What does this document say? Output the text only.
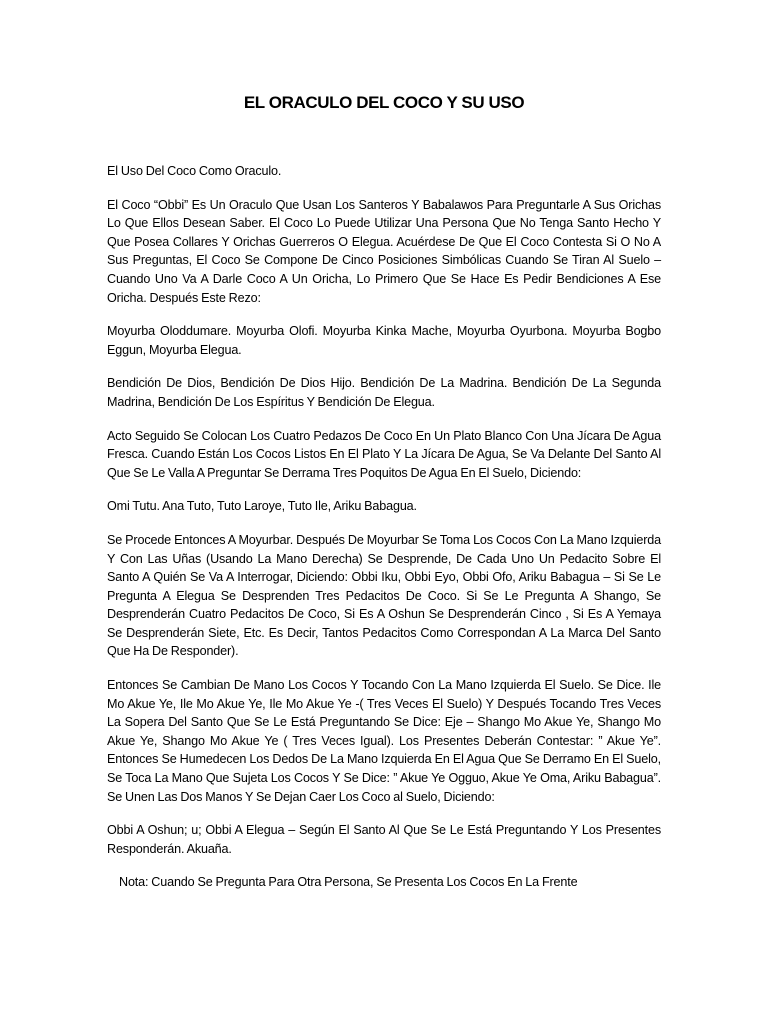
EL ORACULO DEL COCO Y SU USO

El Uso Del Coco Como Oraculo.

El Coco “Obbi” Es Un Oraculo Que Usan Los Santeros Y Babalawos Para Preguntarle A Sus Orichas Lo Que Ellos Desean Saber. El Coco Lo Puede Utilizar Una Persona Que No Tenga Santo Hecho Y Que Posea Collares Y Orichas Guerreros O Elegua. Acuérdese De Que El Coco Contesta Si O No A Sus Preguntas, El Coco Se Compone De Cinco Posiciones Simbólicas Cuando Se Tiran Al Suelo – Cuando Uno Va A Darle Coco A Un Oricha, Lo Primero Que Se Hace Es Pedir Bendiciones A Ese Oricha. Después Este Rezo:

Moyurba Oloddumare. Moyurba Olofi. Moyurba Kinka Mache, Moyurba Oyurbona. Moyurba Bogbo Eggun, Moyurba Elegua.

Bendición De Dios, Bendición De Dios Hijo. Bendición De La Madrina. Bendición De La Segunda Madrina, Bendición De Los Espíritus Y Bendición De Elegua.

Acto Seguido Se Colocan Los Cuatro Pedazos De Coco En Un Plato Blanco Con Una Jícara De Agua Fresca. Cuando Están Los Cocos Listos En El Plato Y La Jícara De Agua, Se Va Delante Del Santo Al Que Se Le Valla A Preguntar Se Derrama Tres Poquitos De Agua En El Suelo, Diciendo:

Omi Tutu. Ana Tuto, Tuto Laroye, Tuto Ile, Ariku Babagua.

Se Procede Entonces A Moyurbar. Después De Moyurbar Se Toma Los Cocos Con La Mano Izquierda Y Con Las Uñas (Usando La Mano Derecha) Se Desprende, De Cada Uno Un Pedacito Sobre El Santo A Quién Se Va A Interrogar, Diciendo: Obbi Iku, Obbi Eyo, Obbi Ofo, Ariku Babagua – Si Se Le Pregunta A Elegua Se Desprenden Tres Pedacitos De Coco. Si Se Le Pregunta A Shango, Se Desprenderán Cuatro Pedacitos De Coco, Si Es A Oshun Se Desprenderán Cinco , Si Es A Yemaya Se Desprenderán Siete, Etc. Es Decir, Tantos Pedacitos Como Correspondan A La Marca Del Santo Que Ha De Responder).

Entonces Se Cambian De Mano Los Cocos Y Tocando Con La Mano Izquierda El Suelo. Se Dice. Ile Mo Akue Ye, Ile Mo Akue Ye, Ile Mo Akue Ye -( Tres Veces El Suelo) Y Después Tocando Tres Veces La Sopera Del Santo Que Se Le Está Preguntando Se Dice: Eje – Shango Mo Akue Ye, Shango Mo Akue Ye, Shango Mo Akue Ye ( Tres Veces Igual). Los Presentes Deberán Contestar: ” Akue Ye”. Entonces Se Humedecen Los Dedos De La Mano Izquierda En El Agua Que Se Derramo En El Suelo, Se Toca La Mano Que Sujeta Los Cocos Y Se Dice: ” Akue Ye Ogguo, Akue Ye Oma, Ariku Babagua”. Se Unen Las Dos Manos Y Se Dejan Caer Los Coco al Suelo, Diciendo:

Obbi A Oshun; u; Obbi A Elegua – Según El Santo Al Que Se Le Está Preguntando Y Los Presentes Responderán. Akuaña.

Nota: Cuando Se Pregunta Para Otra Persona, Se Presenta Los Cocos En La Frente
